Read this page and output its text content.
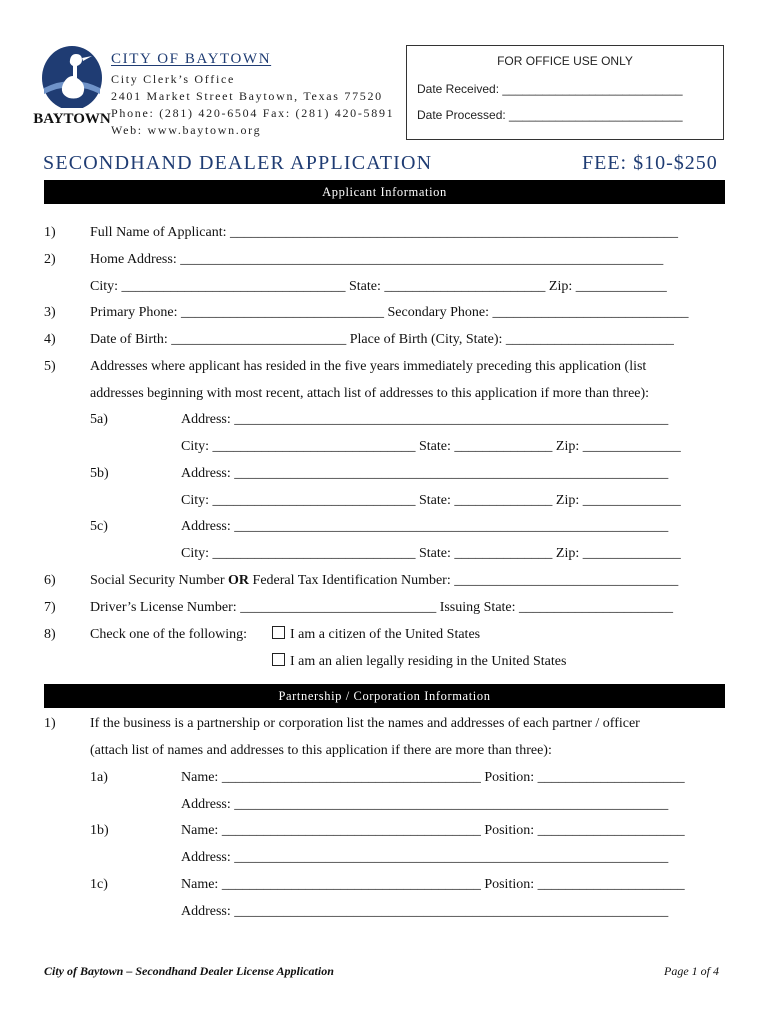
BAYTOWN
CITY OF BAYTOWN
City Clerk’s Office
2401 Market Street Baytown, Texas 77520
Phone: (281) 420-6504 Fax: (281) 420-5891
Web: www.baytown.org
FOR OFFICE USE ONLY
Date Received: ___________________________
Date Processed: __________________________
SECONDHAND DEALER APPLICATION	FEE: $10-$250
Applicant Information
1) Full Name of Applicant: ________________________________________________________________
2) Home Address: _____________________________________________________________________
City: ________________________________ State: _______________________ Zip: _____________
3) Primary Phone: _____________________________ Secondary Phone: ____________________________
4) Date of Birth: _________________________ Place of Birth (City, State): ________________________
5) Addresses where applicant has resided in the five years immediately preceding this application (list
addresses beginning with most recent, attach list of addresses to this application if more than three):
5a)	Address: ______________________________________________________________
City: _____________________________ State: ______________ Zip: ______________
5b)	Address: ______________________________________________________________
City: _____________________________ State: ______________ Zip: ______________
5c)	Address: ______________________________________________________________
City: _____________________________ State: ______________ Zip: ______________
6) Social Security Number OR Federal Tax Identification Number: ________________________________
7) Driver’s License Number: ____________________________ Issuing State: ______________________
8) Check one of the following:	I am a citizen of the United States
I am an alien legally residing in the United States
Partnership / Corporation Information
1) If the business is a partnership or corporation list the names and addresses of each partner / officer
(attach list of names and addresses to this application if there are more than three):
1a)	Name: _____________________________________ Position: _____________________
Address: ______________________________________________________________
1b)	Name: _____________________________________ Position: _____________________
Address: ______________________________________________________________
1c)	Name: _____________________________________ Position: _____________________
Address: ______________________________________________________________
City of Baytown – Secondhand Dealer License Application	Page 1 of 4
